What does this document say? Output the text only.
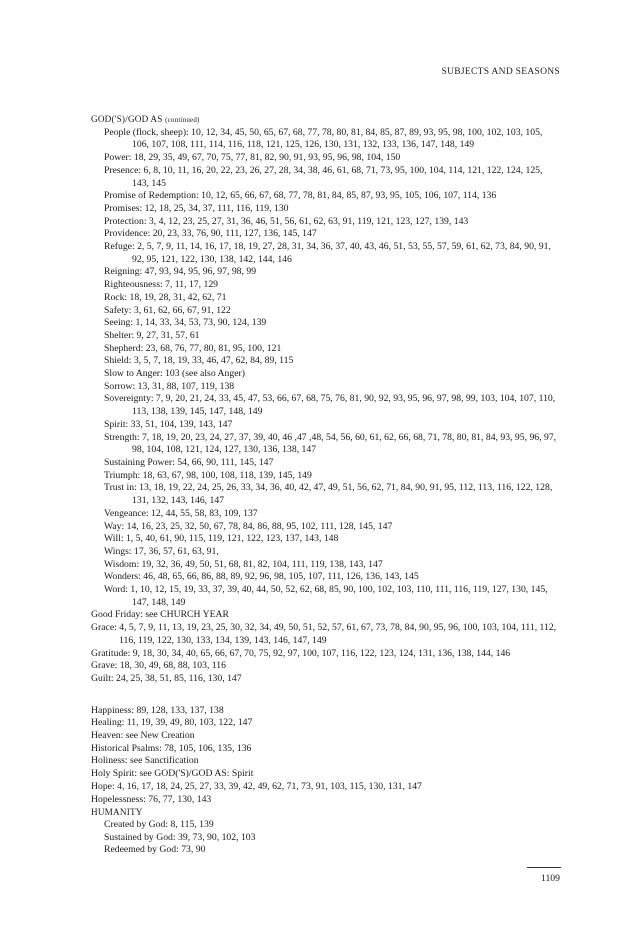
SUBJECTS AND SEASONS
GOD('S)/GOD AS (continued)
People (flock, sheep): 10, 12, 34, 45, 50, 65, 67, 68, 77, 78, 80, 81, 84, 85, 87, 89, 93, 95, 98, 100, 102, 103, 105, 106, 107, 108, 111, 114, 116, 118, 121, 125, 126, 130, 131, 132, 133, 136, 147, 148, 149
Power: 18, 29, 35, 49, 67, 70, 75, 77, 81, 82, 90, 91, 93, 95, 96, 98, 104, 150
Presence: 6, 8, 10, 11, 16, 20, 22, 23, 26, 27, 28, 34, 38, 46, 61, 68, 71, 73, 95, 100, 104, 114, 121, 122, 124, 125, 143, 145
Promise of Redemption: 10, 12, 65, 66, 67, 68, 77, 78, 81, 84, 85, 87, 93, 95, 105, 106, 107, 114, 136
Promises: 12, 18, 25, 34, 37, 111, 116, 119, 130
Protection: 3, 4, 12, 23, 25, 27, 31, 36, 46, 51, 56, 61, 62, 63, 91, 119, 121, 123, 127, 139, 143
Providence: 20, 23, 33, 76, 90, 111, 127, 136, 145, 147
Refuge: 2, 5, 7, 9, 11, 14, 16, 17, 18, 19, 27, 28, 31, 34, 36, 37, 40, 43, 46, 51, 53, 55, 57, 59, 61, 62, 73, 84, 90, 91, 92, 95, 121, 122, 130, 138, 142, 144, 146
Reigning: 47, 93, 94, 95, 96, 97, 98, 99
Righteousness: 7, 11, 17, 129
Rock: 18, 19, 28, 31, 42, 62, 71
Safety: 3, 61, 62, 66, 67, 91, 122
Seeing: 1, 14, 33, 34, 53, 73, 90, 124, 139
Shelter: 9, 27, 31, 57, 61
Shepherd: 23, 68, 76, 77, 80, 81, 95, 100, 121
Shield: 3, 5, 7, 18, 19, 33, 46, 47, 62, 84, 89, 115
Slow to Anger: 103 (see also Anger)
Sorrow: 13, 31, 88, 107, 119, 138
Sovereignty: 7, 9, 20, 21, 24, 33, 45, 47, 53, 66, 67, 68, 75, 76, 81, 90, 92, 93, 95, 96, 97, 98, 99, 103, 104, 107, 110, 113, 138, 139, 145, 147, 148, 149
Spirit: 33, 51, 104, 139, 143, 147
Strength: 7, 18, 19, 20, 23, 24, 27, 37, 39, 40, 46 ,47 ,48, 54, 56, 60, 61, 62, 66, 68, 71, 78, 80, 81, 84, 93, 95, 96, 97, 98, 104, 108, 121, 124, 127, 130, 136, 138, 147
Sustaining Power: 54, 66, 90, 111, 145, 147
Triumph: 18, 63, 67, 98, 100, 108, 118, 139, 145, 149
Trust in: 13, 18, 19, 22, 24, 25, 26, 33, 34, 36, 40, 42, 47, 49, 51, 56, 62, 71, 84, 90, 91, 95, 112, 113, 116, 122, 128, 131, 132, 143, 146, 147
Vengeance: 12, 44, 55, 58, 83, 109, 137
Way: 14, 16, 23, 25, 32, 50, 67, 78, 84, 86, 88, 95, 102, 111, 128, 145, 147
Will: 1, 5, 40, 61, 90, 115, 119, 121, 122, 123, 137, 143, 148
Wings: 17, 36, 57, 61, 63, 91,
Wisdom: 19, 32, 36, 49, 50, 51, 68, 81, 82, 104, 111, 119, 138, 143, 147
Wonders: 46, 48, 65, 66, 86, 88, 89, 92, 96, 98, 105, 107, 111, 126, 136, 143, 145
Word: 1, 10, 12, 15, 19, 33, 37, 39, 40, 44, 50, 52, 62, 68, 85, 90, 100, 102, 103, 110, 111, 116, 119, 127, 130, 145, 147, 148, 149
Good Friday: see CHURCH YEAR
Grace: 4, 5, 7, 9, 11, 13, 19, 23, 25, 30, 32, 34, 49, 50, 51, 52, 57, 61, 67, 73, 78, 84, 90, 95, 96, 100, 103, 104, 111, 112, 116, 119, 122, 130, 133, 134, 139, 143, 146, 147, 149
Gratitude: 9, 18, 30, 34, 40, 65, 66, 67, 70, 75, 92, 97, 100, 107, 116, 122, 123, 124, 131, 136, 138, 144, 146
Grave: 18, 30, 49, 68, 88, 103, 116
Guilt: 24, 25, 38, 51, 85, 116, 130, 147
Happiness: 89, 128, 133, 137, 138
Healing: 11, 19, 39, 49, 80, 103, 122, 147
Heaven: see New Creation
Historical Psalms: 78, 105, 106, 135, 136
Holiness: see Sanctification
Holy Spirit: see GOD('S)/GOD AS: Spirit
Hope: 4, 16, 17, 18, 24, 25, 27, 33, 39, 42, 49, 62, 71, 73, 91, 103, 115, 130, 131, 147
Hopelessness: 76, 77, 130, 143
HUMANITY
Created by God: 8, 115, 139
Sustained by God: 39, 73, 90, 102, 103
Redeemed by God: 73, 90
1109
